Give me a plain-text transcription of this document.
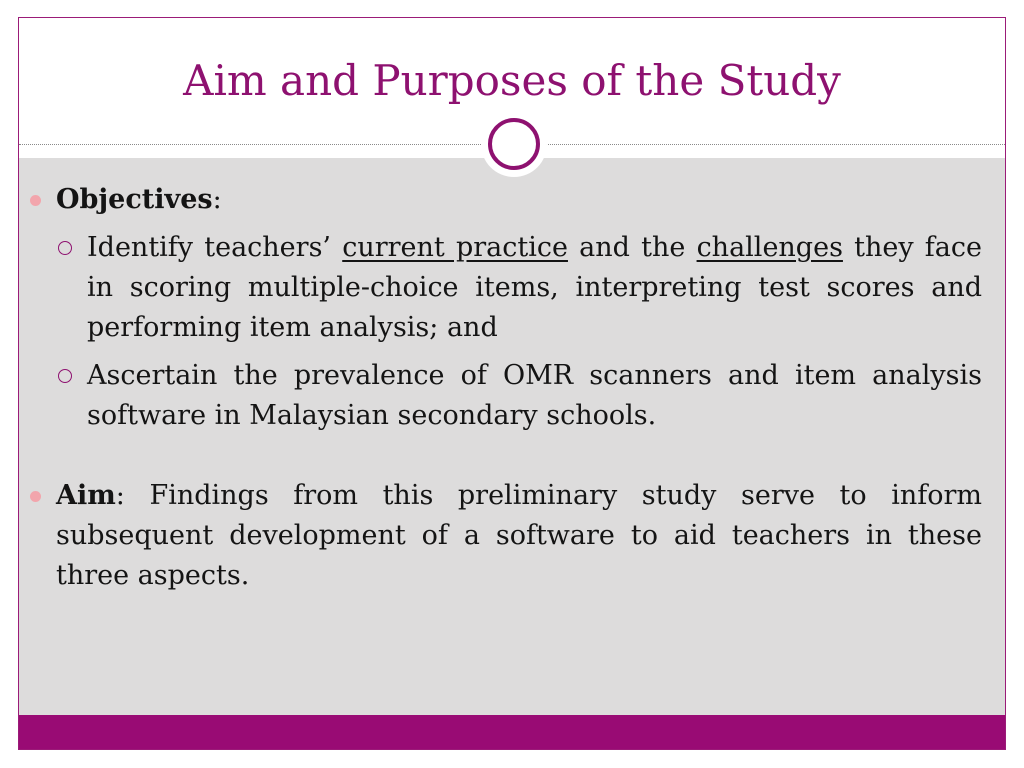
Aim and Purposes of the Study
Objectives:
Identify teachers’ current practice and the challenges they face in scoring multiple-choice items, interpreting test scores and performing item analysis; and
Ascertain the prevalence of OMR scanners and item analysis software in Malaysian secondary schools.
Aim: Findings from this preliminary study serve to inform subsequent development of a software to aid teachers in these three aspects.
